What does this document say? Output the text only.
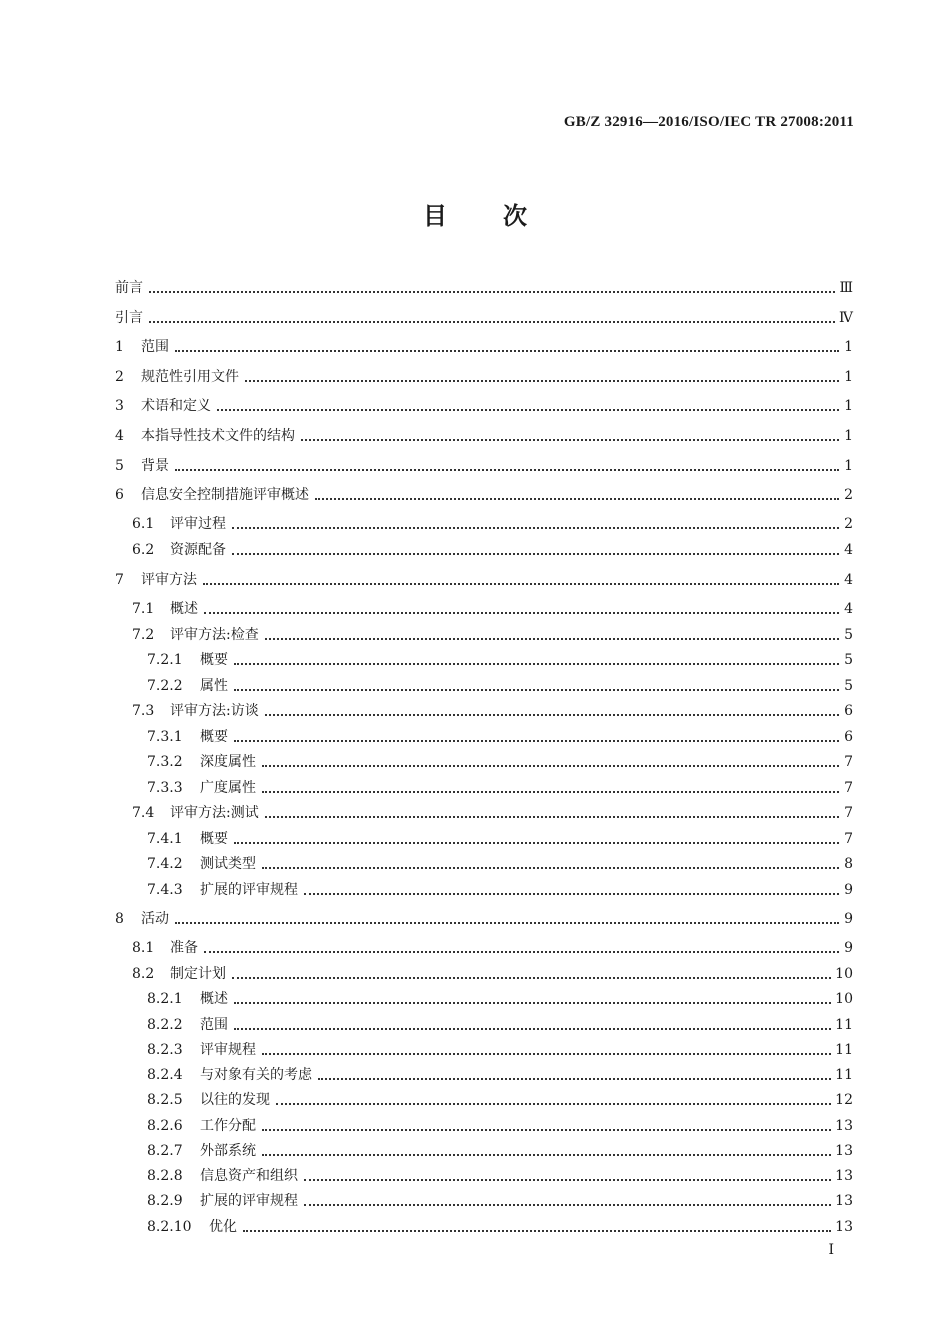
GB/Z 32916—2016/ISO/IEC TR 27008:2011
目 次
前言	Ⅲ
引言	Ⅳ
1	范围	1
2	规范性引用文件	1
3	术语和定义	1
4	本指导性技术文件的结构	1
5	背景	1
6	信息安全控制措施评审概述	2
6.1	评审过程	2
6.2	资源配备	4
7	评审方法	4
7.1	概述	4
7.2	评审方法:检查	5
7.2.1	概要	5
7.2.2	属性	5
7.3	评审方法:访谈	6
7.3.1	概要	6
7.3.2	深度属性	7
7.3.3	广度属性	7
7.4	评审方法:测试	7
7.4.1	概要	7
7.4.2	测试类型	8
7.4.3	扩展的评审规程	9
8	活动	9
8.1	准备	9
8.2	制定计划	10
8.2.1	概述	10
8.2.2	范围	11
8.2.3	评审规程	11
8.2.4	与对象有关的考虑	11
8.2.5	以往的发现	12
8.2.6	工作分配	13
8.2.7	外部系统	13
8.2.8	信息资产和组织	13
8.2.9	扩展的评审规程	13
8.2.10	优化	13
I
